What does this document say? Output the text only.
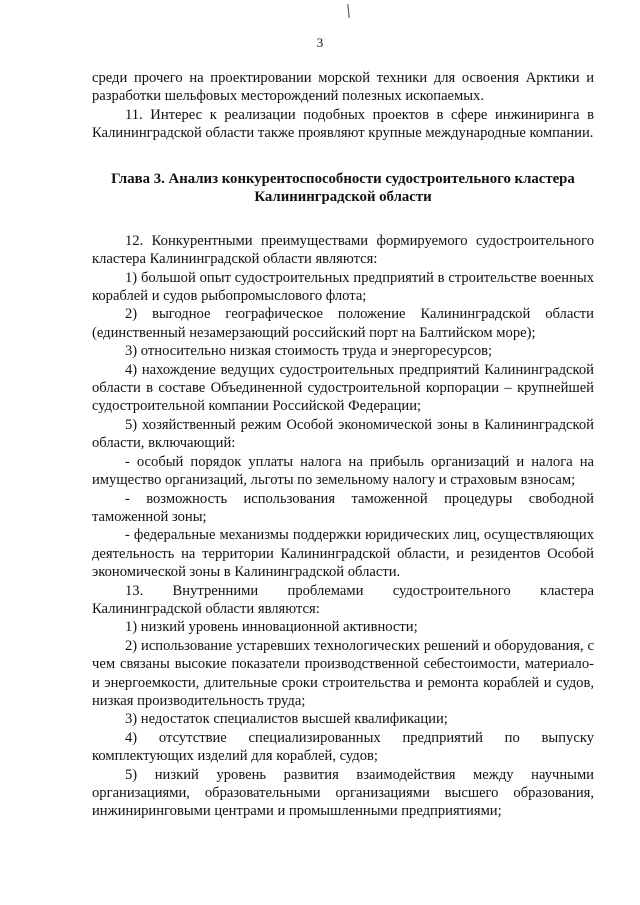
3

среди прочего на проектировании морской техники для освоения Арктики и разработки шельфовых месторождений полезных ископаемых.

11. Интерес к реализации подобных проектов в сфере инжиниринга в Калининградской области также проявляют крупные международные компании.

Глава 3. Анализ конкурентоспособности судостроительного кластера Калининградской области

12. Конкурентными преимуществами формируемого судостроительного кластера Калининградской области являются:

1) большой опыт судостроительных предприятий в строительстве военных кораблей и судов рыбопромыслового флота;

2) выгодное географическое положение Калининградской области (единственный незамерзающий российский порт на Балтийском море);

3) относительно низкая стоимость труда и энергоресурсов;

4) нахождение ведущих судостроительных предприятий Калининградской области в составе Объединенной судостроительной корпорации – крупнейшей судостроительной компании Российской Федерации;

5) хозяйственный режим Особой экономической зоны в Калининградской области, включающий:

- особый порядок уплаты налога на прибыль организаций и налога на имущество организаций, льготы по земельному налогу и страховым взносам;

- возможность использования таможенной процедуры свободной таможенной зоны;

- федеральные механизмы поддержки юридических лиц, осуществляющих деятельность на территории Калининградской области, и резидентов Особой экономической зоны в Калининградской области.

13. Внутренними проблемами судостроительного кластера Калининградской области являются:

1) низкий уровень инновационной активности;

2) использование устаревших технологических решений и оборудования, с чем связаны высокие показатели производственной себестоимости, материало- и энергоемкости, длительные сроки строительства и ремонта кораблей и судов, низкая производительность труда;

3) недостаток специалистов высшей квалификации;

4) отсутствие специализированных предприятий по выпуску комплектующих изделий для кораблей, судов;

5) низкий уровень развития взаимодействия между научными организациями, образовательными организациями высшего образования, инжиниринговыми центрами и промышленными предприятиями;
